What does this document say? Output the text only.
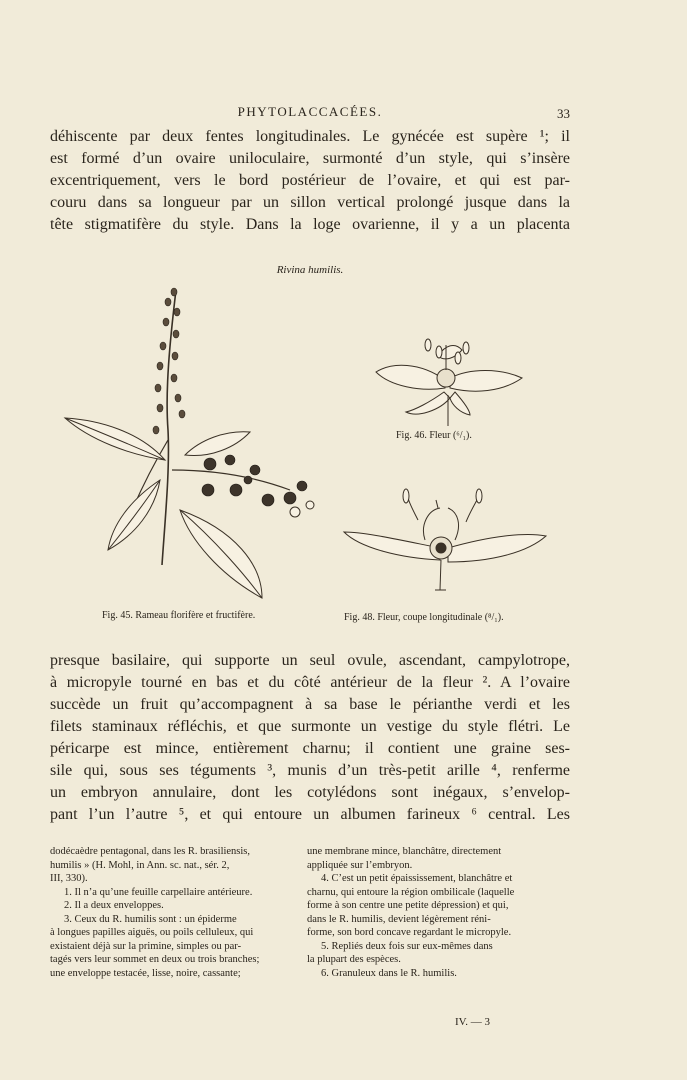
PHYTOLACCACÉES.	33
déhiscente par deux fentes longitudinales. Le gynécée est supère ¹; il
est formé d’un ovaire uniloculaire, surmonté d’un style, qui s’insère
excentriquement, vers le bord postérieur de l’ovaire, et qui est par-
couru dans sa longueur par un sillon vertical prolongé jusque dans la
tête stigmatifère du style. Dans la loge ovarienne, il y a un placenta
Rivina humilis.
Fig. 46. Fleur (⁶/₁).
Fig. 45. Rameau florifère et fructifère.	Fig. 48. Fleur, coupe longitudinale (⁸/₁).
presque basilaire, qui supporte un seul ovule, ascendant, campylotrope,
à micropyle tourné en bas et du côté antérieur de la fleur ². A l’ovaire
succède un fruit qu’accompagnent à sa base le périanthe verdi et les
filets staminaux réfléchis, et que surmonte un vestige du style flétri. Le
péricarpe est mince, entièrement charnu; il contient une graine ses-
sile qui, sous ses téguments ³, munis d’un très-petit arille ⁴, renferme
un embryon annulaire, dont les cotylédons sont inégaux, s’envelop-
pant l’un l’autre ⁵, et qui entoure un albumen farineux ⁶ central. Les
dodécaèdre pentagonal, dans les R. brasiliensis,
humilis » (H. Mohl, in Ann. sc. nat., sér. 2,
III, 330).
1. Il n’a qu’une feuille carpellaire antérieure.
2. Il a deux enveloppes.
3. Ceux du R. humilis sont : un épiderme
à longues papilles aiguës, ou poils celluleux, qui
existaient déjà sur la primine, simples ou par-
tagés vers leur sommet en deux ou trois branches;
une enveloppe testacée, lisse, noire, cassante;
une membrane mince, blanchâtre, directement
appliquée sur l’embryon.
4. C’est un petit épaississement, blanchâtre et
charnu, qui entoure la région ombilicale (laquelle
forme à son centre une petite dépression) et qui,
dans le R. humilis, devient légèrement réni-
forme, son bord concave regardant le micropyle.
5. Repliés deux fois sur eux-mêmes dans
la plupart des espèces.
6. Granuleux dans le R. humilis.
IV. — 3
